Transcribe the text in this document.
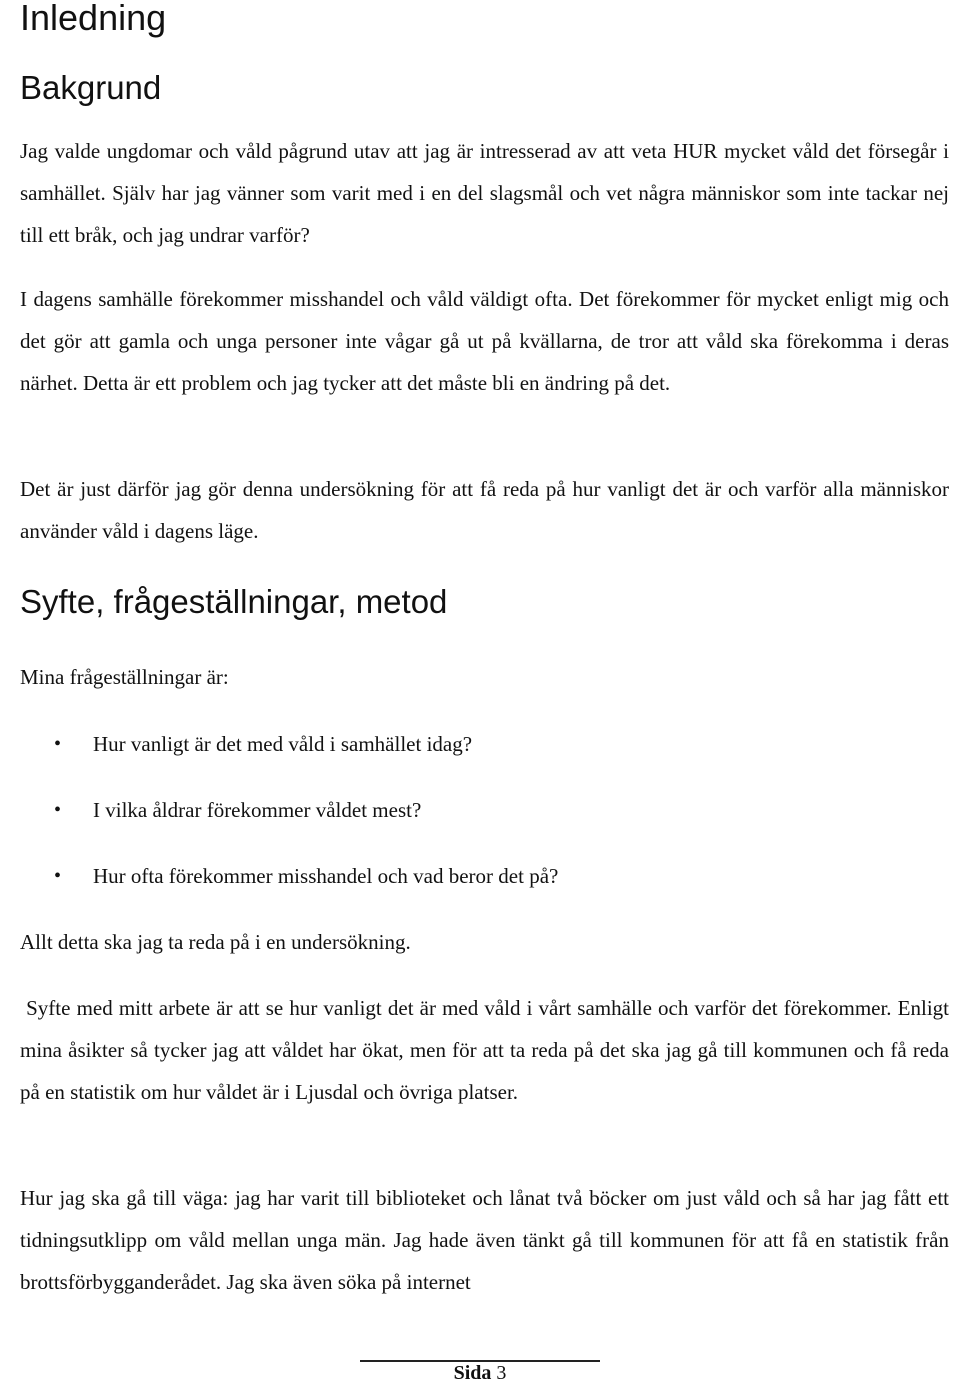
Inledning
Bakgrund

Jag valde ungdomar och våld pågrund utav att jag är intresserad av att veta HUR mycket våld det försegår i samhället. Själv har jag vänner som varit med i en del slagsmål och vet några människor som inte tackar nej till ett bråk, och jag undrar varför?

I dagens samhälle förekommer misshandel och våld väldigt ofta. Det förekommer för mycket enligt mig och det gör att gamla och unga personer inte vågar gå ut på kvällarna, de tror att våld ska förekomma i deras närhet. Detta är ett problem och jag tycker att det måste bli en ändring på det.

Det är just därför jag gör denna undersökning för att få reda på hur vanligt det är och varför alla människor använder våld i dagens läge.

Syfte, frågeställningar, metod

Mina frågeställningar är:

• Hur vanligt är det med våld i samhället idag?
• I vilka åldrar förekommer våldet mest?
• Hur ofta förekommer misshandel och vad beror det på?

Allt detta ska jag ta reda på i en undersökning.

Syfte med mitt arbete är att se hur vanligt det är med våld i vårt samhälle och varför det förekommer. Enligt mina åsikter så tycker jag att våldet har ökat, men för att ta reda på det ska jag gå till kommunen och få reda på en statistik om hur våldet är i Ljusdal och övriga platser.

Hur jag ska gå till väga: jag har varit till biblioteket och lånat två böcker om just våld och så har jag fått ett tidningsutklipp om våld mellan unga män. Jag hade även tänkt gå till kommunen för att få en statistik från brottsförbygganderådet. Jag ska även söka på internet

Sida 3
